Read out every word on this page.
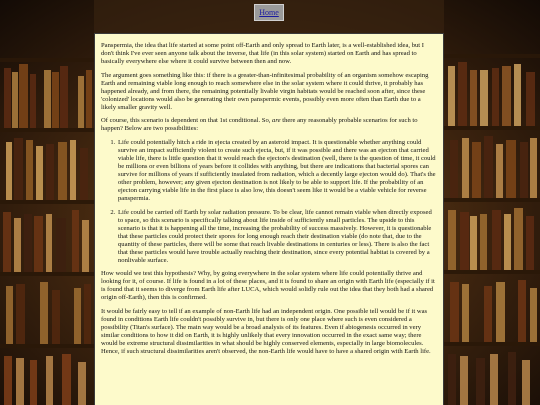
Home

Panspermia, the idea that life started at some point off-Earth and only spread to Earth later, is a well-established idea, but I don't think I've ever seen anyone talk about the inverse, that life (in this solar system) started on Earth and has spread to basically everywhere else where it could survive between then and now.

The argument goes something like this: if there is a greater-than-infinitesimal probability of an organism somehow escaping Earth and remaining viable long enough to reach somewhere else in the solar system where it could thrive, it probably has happened already, and from there, the remaining potentially livable virgin habitats would be reached soon after, since these 'colonized' locations would also be generating their own panspermic events, possibly even more often than Earth due to a likely smaller gravity well.

Of course, this scenario is dependent on that 1st conditional. So, are there any reasonably probable scenarios for such to happen? Below are two possibilities:

1. Life could potentially hitch a ride in ejecta created by an asteroid impact. It is questionable whether anything could survive an impact sufficiently violent to create such ejecta, but, if it was possible and there was an ejecton that carried viable life, there is little question that it would reach the ejecton's destination (well, there is the question of time, it could be millions or even billions of years before it collides with anything, but there are indications that bacterial spores can survive for millions of years if sufficiently insulated from radiation, which a decently large ejecton would do). That's the other problem, however; any given ejecton destination is not likely to be able to support life. If the probability of an ejecton carrying viable life in the first place is also low, this doesn't seem like it would be a viable vehicle for reverse panspermia.
2. Life could be carried off Earth by solar radiation pressure. To be clear, life cannot remain viable when directly exposed to space, so this scenario is specifically talking about life inside of sufficiently small particles. The upside to this scenario is that it is happening all the time, increasing the probability of success massively. However, it is questionable that these particles could protect their spores for long enough reach their destination viable (do note that, due to the quantity of these particles, there will be some that reach livable destinations in centuries or less). There is also the fact that these particles would have trouble actually reaching their destination, since every potential habitat is covered by a nonlivable surface.

How would we test this hypothesis? Why, by going everywhere in the solar system where life could potentially thrive and looking for it, of course. If life is found in a lot of these places, and it is found to share an origin with Earth life (especially if it is found that it seems to diverge from Earth life after LUCA, which would solidly rule out the idea that they both had a shared origin off-Earth), then this is confirmed.

It would be fairly easy to tell if an example of non-Earth life had an independent origin. One possible tell would be if it was found in conditions Earth life couldn't possibly survive in, but there is only one place where such is even considered a possibility (Titan's surface). The main way would be a broad analysis of its features. Even if abiogenesis occurred in very similar conditions to how it did on Earth, it is highly unlikely that every innovation occurred in the exact same way; there would be extreme structural dissimilarities in what should be highly conserved elements, especially in large biomolecules. Hence, if such structural dissimilarities aren't observed, the non-Earth life would have to have a shared origin with Earth life.
